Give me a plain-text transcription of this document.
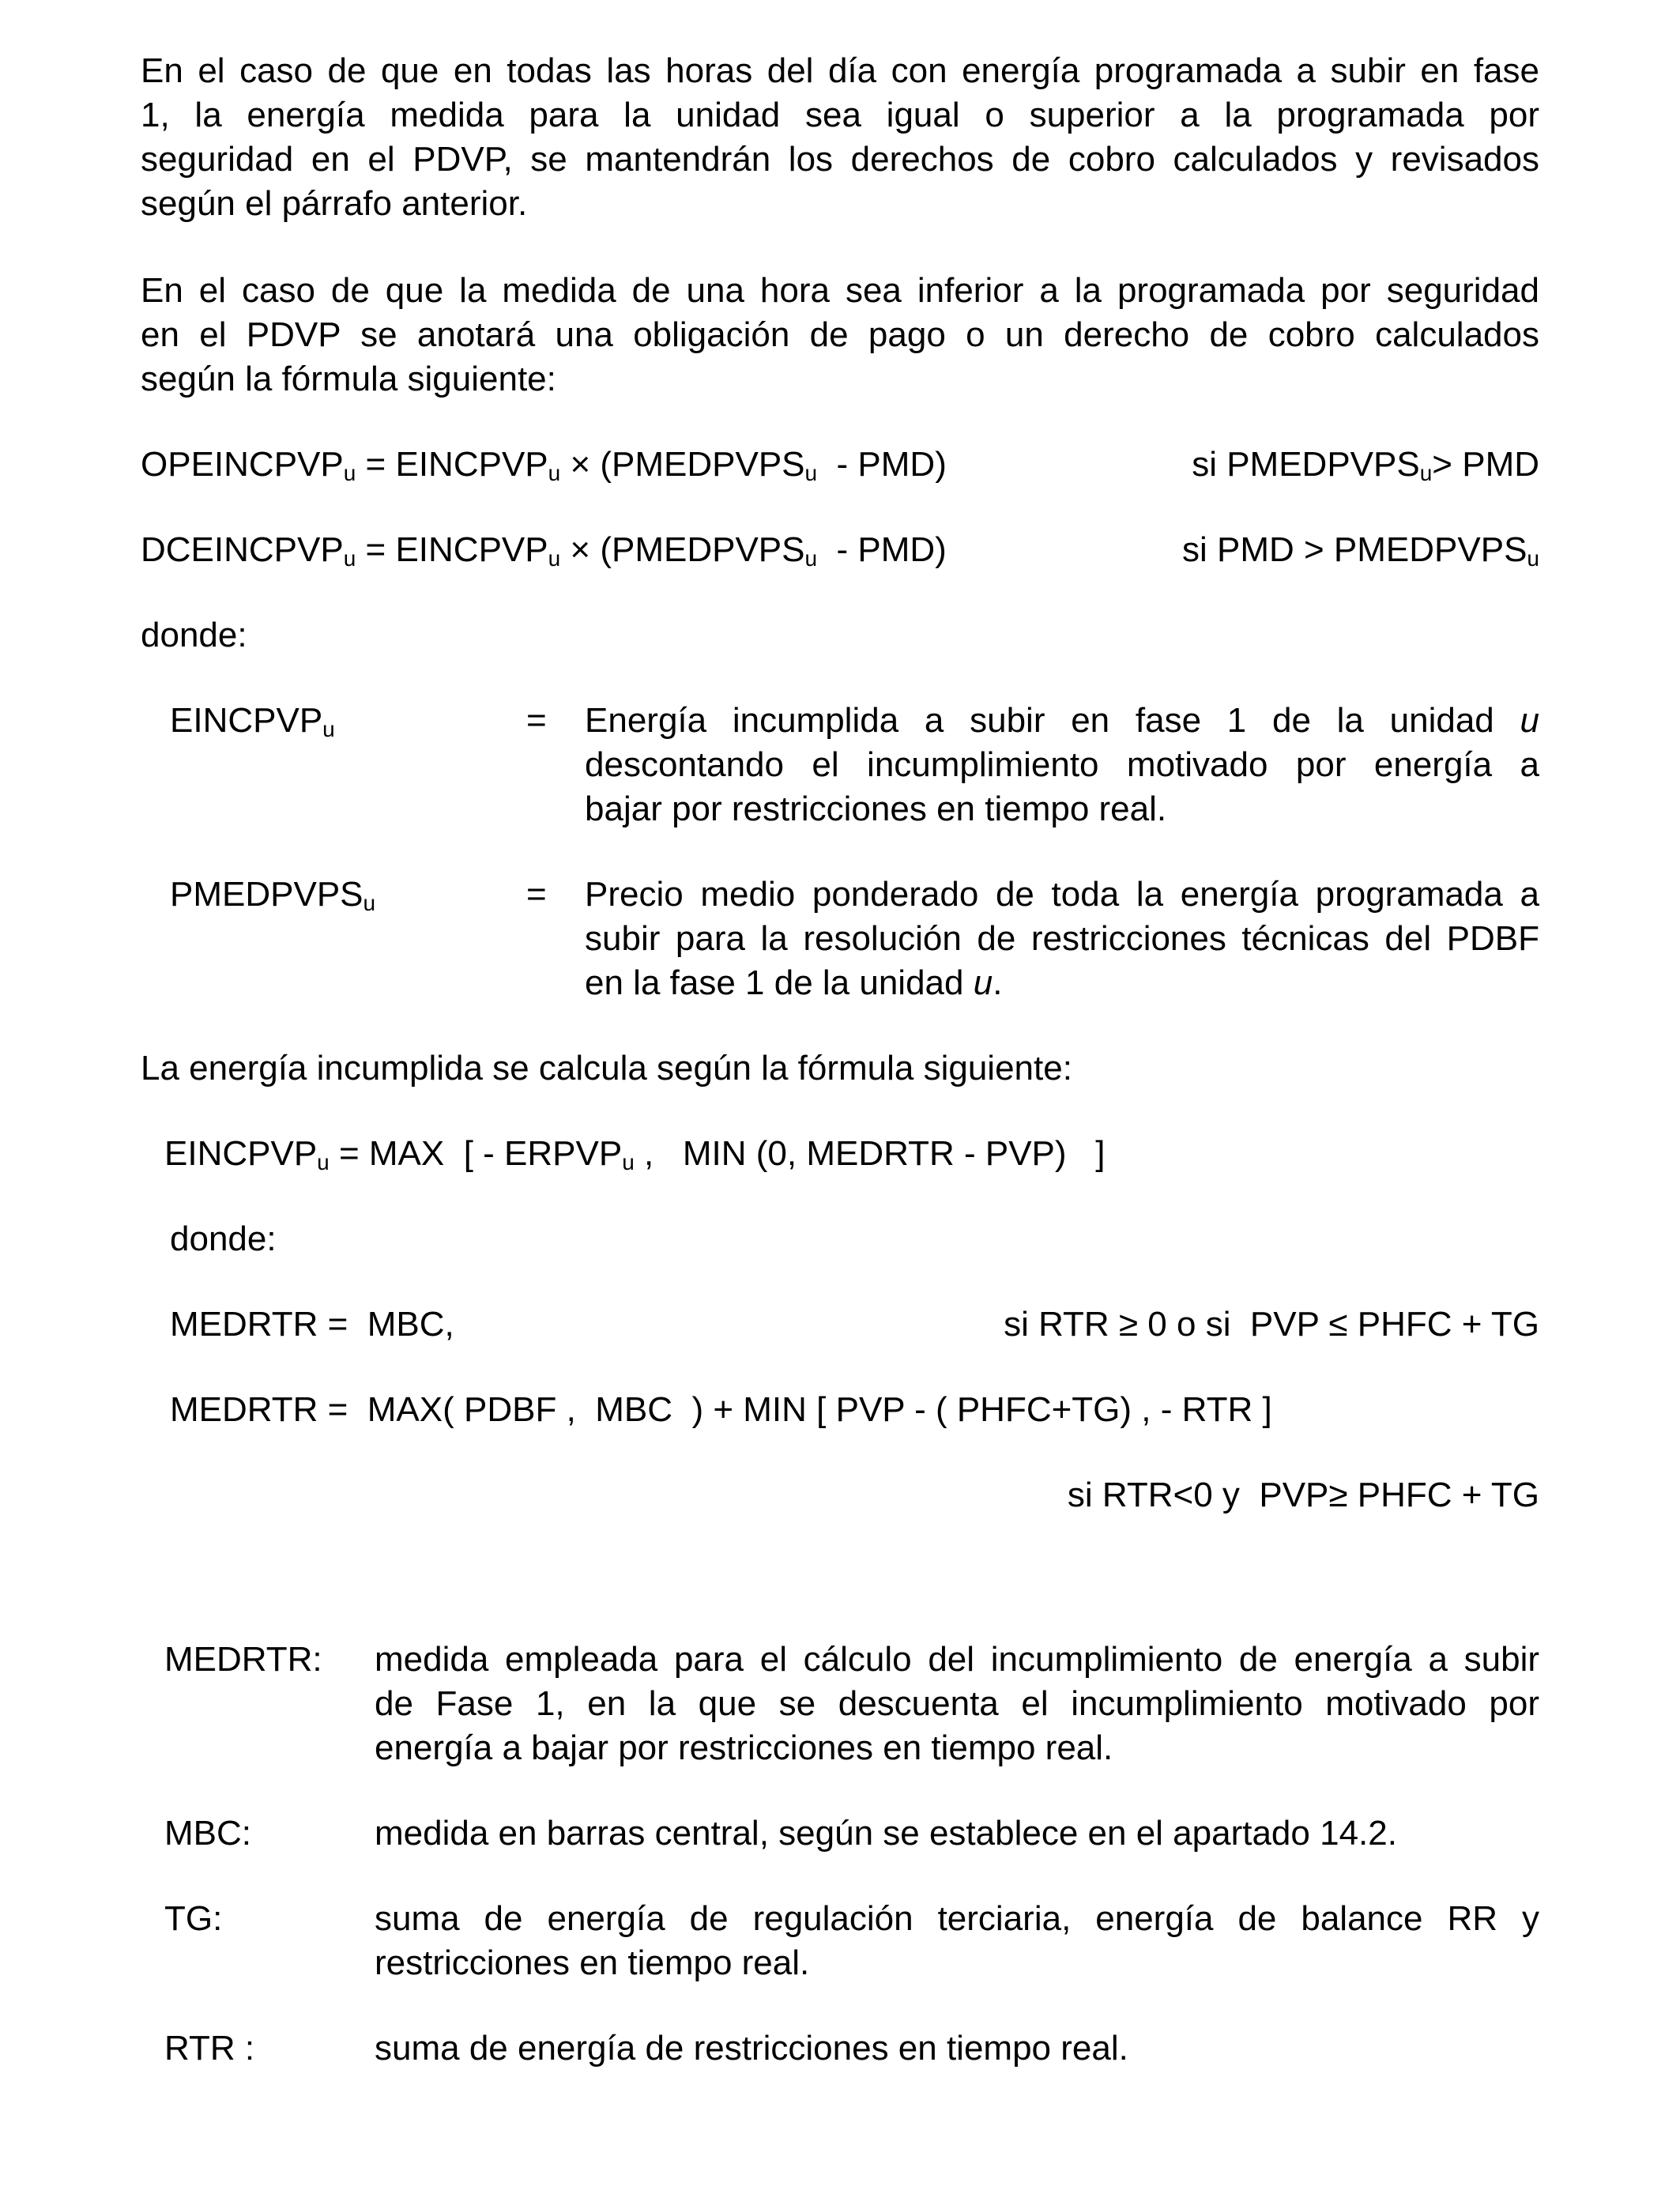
En el caso de que en todas las horas del día con energía programada a subir en fase
1, la energía medida para la unidad sea igual o superior a la programada por
seguridad en el PDVP, se mantendrán los derechos de cobro calculados y revisados
según el párrafo anterior.
En el caso de que la medida de una hora sea inferior a la programada por seguridad
en el PDVP se anotará una obligación de pago o un derecho de cobro calculados
según la fórmula siguiente:
$OPEINCPVP_u$ = $EINCPVP_u$ × $(PMEDPVPS_u - PMD)$	si $PMEDPVPS_u>$ PMD
$DCEINCPVP_u$ = $EINCPVP_u$ × $(PMEDPVPS_u - PMD)$	si PMD > $PMEDPVPS_u$
donde:
$EINCPVP_u$	= Energía incumplida a subir en fase 1 de la unidad u
descontando el incumplimiento motivado por energía a
bajar por restricciones en tiempo real.
$PMEDPVPS_u$	= Precio medio ponderado de toda la energía programada a
subir para la resolución de restricciones técnicas del PDBF
en la fase 1 de la unidad u.
La energía incumplida se calcula según la fórmula siguiente:
$EINCPVP_u$ = MAX  [ - $ERPVP_u$ ,   MIN (0, MEDRTR - PVP)   ]
donde:
MEDRTR =  MBC,	si RTR ≥ 0 o si  PVP ≤ PHFC + TG
MEDRTR =  MAX( PDBF ,  MBC  ) + MIN [ PVP - ( PHFC+TG) , - RTR ]
si RTR<0 y  PVP≥ PHFC + TG
MEDRTR: medida empleada para el cálculo del incumplimiento de energía a subir
de Fase 1, en la que se descuenta el incumplimiento motivado por
energía a bajar por restricciones en tiempo real.
MBC:	medida en barras central, según se establece en el apartado 14.2.
TG:	suma de energía de regulación terciaria, energía de balance RR y
restricciones en tiempo real.
RTR :	suma de energía de restricciones en tiempo real.
